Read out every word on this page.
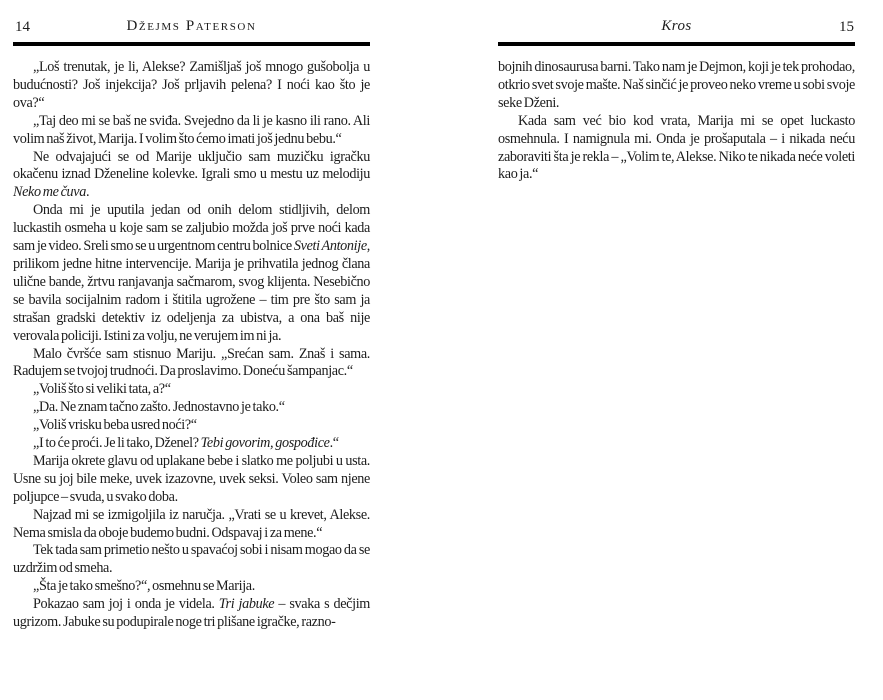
14	Džejms Paterson

„Loš trenutak, je li, Alekse? Zamišljaš još mnogo gušobolja u budućnosti? Još injekcija? Još prljavih pelena? I noći kao što je ova?“

„Taj deo mi se baš ne sviđa. Svejedno da li je kasno ili rano. Ali volim naš život, Marija. I volim što ćemo imati još jednu bebu.“

Ne odvajajući se od Marije uključio sam muzičku igračku okačenu iznad Dženeline kolevke. Igrali smo u mestu uz melodiju Neko me čuva.

Onda mi je uputila jedan od onih delom stidljivih, delom luckastih osmeha u koje sam se zaljubio možda još prve noći kada sam je video. Sreli smo se u urgentnom centru bolnice Sveti Antonije, prilikom jedne hitne intervencije. Marija je prihvatila jednog člana ulične bande, žrtvu ranjavanja sačmarom, svog klijenta. Nesebično se bavila socijalnim radom i štitila ugrožene – tim pre što sam ja strašan gradski detektiv iz odeljenja za ubistva, a ona baš nije verovala policiji. Istini za volju, ne verujem im ni ja.

Malo čvršće sam stisnuo Mariju. „Srećan sam. Znaš i sama. Radujem se tvojoj trudnoći. Da proslavimo. Doneću šampanjac.“

„Voliš što si veliki tata, a?“

„Da. Ne znam tačno zašto. Jednostavno je tako.“

„Voliš vrisku beba usred noći?“

„I to će proći. Je li tako, Dženel? Tebi govorim, gospođice.“

Marija okrete glavu od uplakane bebe i slatko me poljubi u usta. Usne su joj bile meke, uvek izazovne, uvek seksi. Voleo sam njene poljupce – svuda, u svako doba.

Najzad mi se izmigoljila iz naručja. „Vrati se u krevet, Alekse. Nema smisla da oboje budemo budni. Odspavaj i za mene.“

Tek tada sam primetio nešto u spavaćoj sobi i nisam mogao da se uzdržim od smeha.

„Šta je tako smešno?“, osmehnu se Marija.

Pokazao sam joj i onda je videla. Tri jabuke – svaka s dečjim ugrizom. Jabuke su podupirale noge tri plišane igračke, razno-

Kros	15

bojnih dinosaurusa barni. Tako nam je Dejmon, koji je tek prohodao, otkrio svet svoje mašte. Naš sinčić je proveo neko vreme u sobi svoje seke Dženi.

Kada sam već bio kod vrata, Marija mi se opet luckasto osmehnula. I namignula mi. Onda je prošaputala – i nikada neću zaboraviti šta je rekla – „Volim te, Alekse. Niko te nikada neće voleti kao ja.“
